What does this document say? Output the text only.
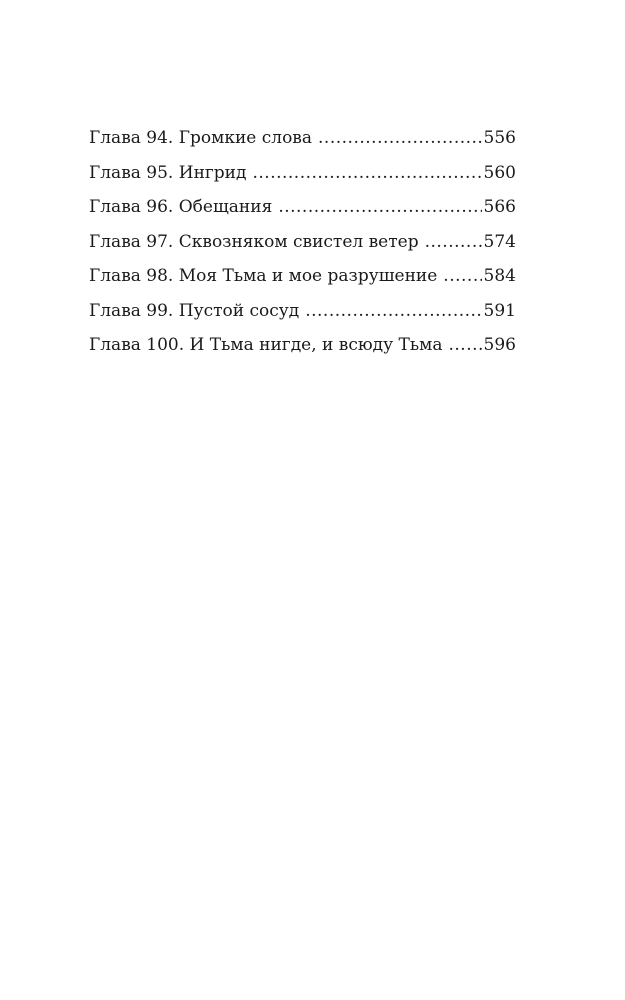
Глава 94. Громкие слова .....	556
Глава 95. Ингрид .....	560
Глава 96. Обещания .....	566
Глава 97. Сквозняком свистел ветер .....	574
Глава 98. Моя Тьма и мое разрушение .....	584
Глава 99. Пустой сосуд .....	591
Глава 100. И Тьма нигде, и всюду Тьма ..... 596
